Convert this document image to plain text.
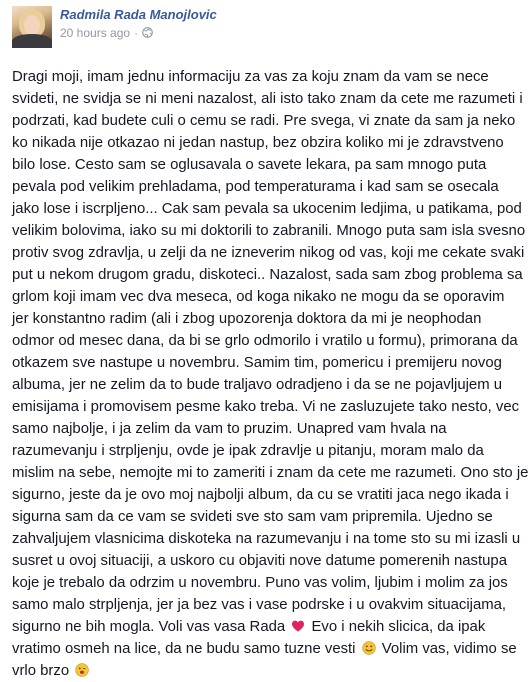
Radmila Rada Manojlovic
20 hours ago ·
Dragi moji, imam jednu informaciju za vas za koju znam da vam se nece
svideti, ne svidja se ni meni nazalost, ali isto tako znam da cete me razumeti i
podrzati, kad budete culi o cemu se radi. Pre svega, vi znate da sam ja neko
ko nikada nije otkazao ni jedan nastup, bez obzira koliko mi je zdravstveno
bilo lose. Cesto sam se oglusavala o savete lekara, pa sam mnogo puta
pevala pod velikim prehladama, pod temperaturama i kad sam se osecala
jako lose i iscrpljeno... Cak sam pevala sa ukocenim ledjima, u patikama, pod
velikim bolovima, iako su mi doktorili to zabranili. Mnogo puta sam isla svesno
protiv svog zdravlja, u zelji da ne izneverim nikog od vas, koji me cekate svaki
put u nekom drugom gradu, diskoteci.. Nazalost, sada sam zbog problema sa
grlom koji imam vec dva meseca, od koga nikako ne mogu da se oporavim
jer konstantno radim (ali i zbog upozorenja doktora da mi je neophodan
odmor od mesec dana, da bi se grlo odmorilo i vratilo u formu), primorana da
otkazem sve nastupe u novembru. Samim tim, pomericu i premijeru novog
albuma, jer ne zelim da to bude traljavo odradjeno i da se ne pojavljujem u
emisijama i promovisem pesme kako treba. Vi ne zasluzujete tako nesto, vec
samo najbolje, i ja zelim da vam to pruzim. Unapred vam hvala na
razumevanju i strpljenju, ovde je ipak zdravlje u pitanju, moram malo da
mislim na sebe, nemojte mi to zameriti i znam da cete me razumeti. Ono sto je
sigurno, jeste da je ovo moj najbolji album, da cu se vratiti jaca nego ikada i
sigurna sam da ce vam se svideti sve sto sam vam pripremila. Ujedno se
zahvaljujem vlasnicima diskoteka na razumevanju i na tome sto su mi izasli u
susret u ovoj situaciji, a uskoro cu objaviti nove datume pomerenih nastupa
koje je trebalo da odrzim u novembru. Puno vas volim, ljubim i molim za jos
samo malo strpljenja, jer ja bez vas i vase podrske i u ovakvim situacijama,
sigurno ne bih mogla. Voli vas vasa Rada Evo i nekih slicica, da ipak
vratimo osmeh na lice, da ne budu samo tuzne vesti Volim vas, vidimo se
vrlo brzo
